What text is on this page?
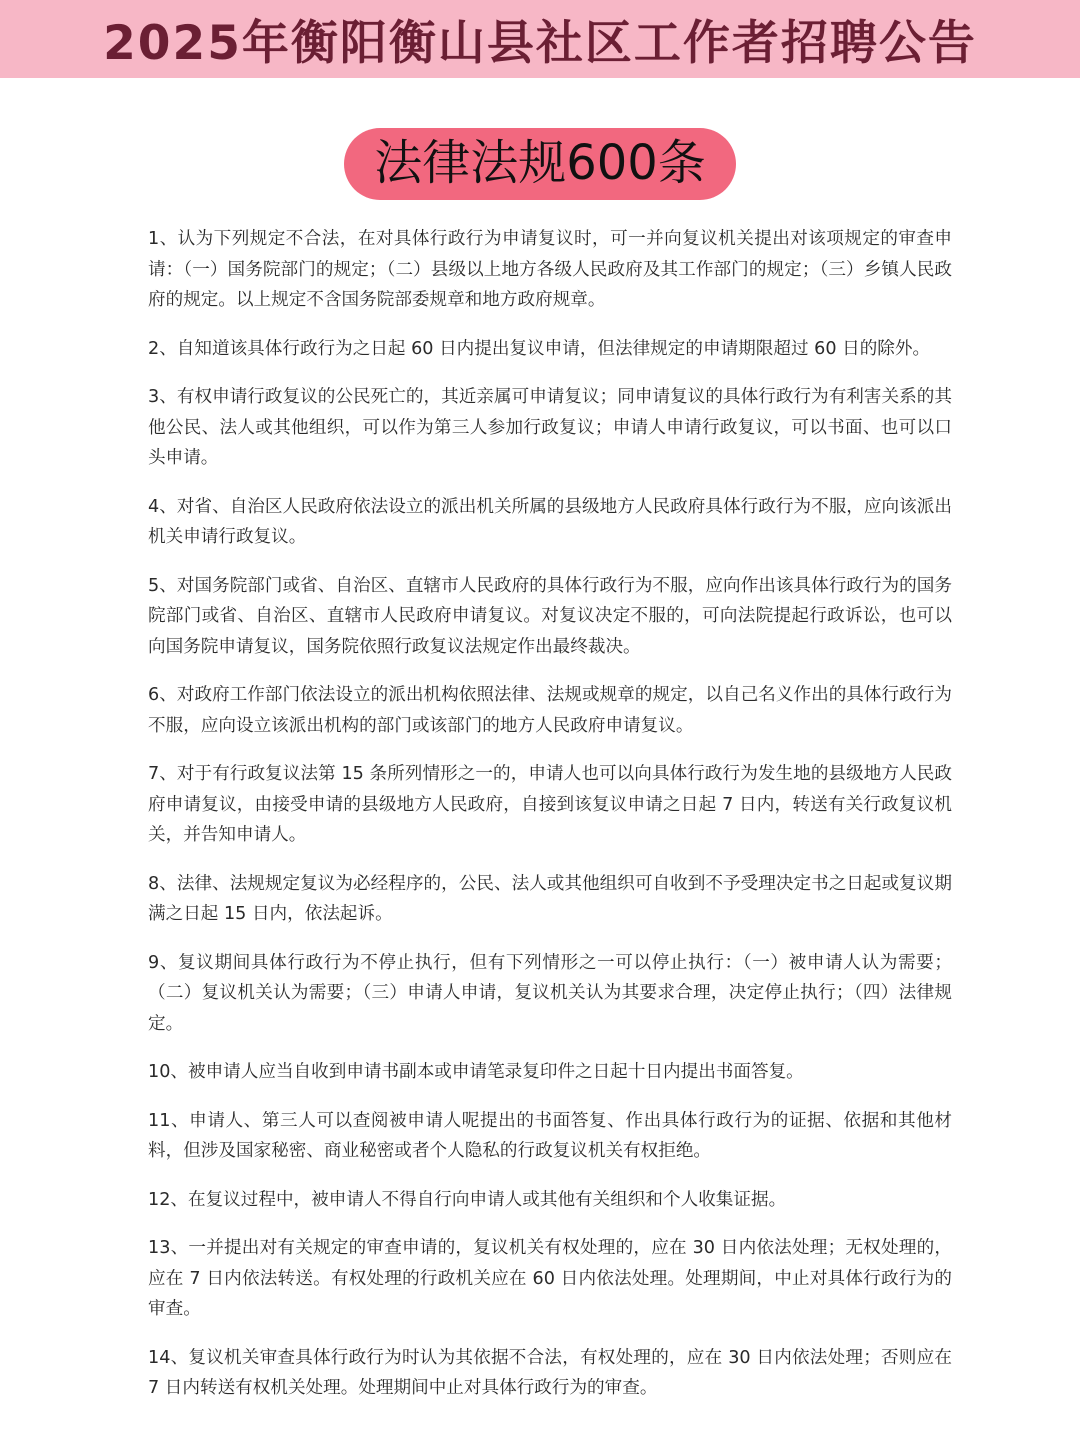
2025年衡阳衡山县社区工作者招聘公告
法律法规600条

1、认为下列规定不合法，在对具体行政行为申请复议时，可一并向复议机关提出对该项规定的审查申请：（一）国务院部门的规定；（二）县级以上地方各级人民政府及其工作部门的规定；（三）乡镇人民政府的规定。以上规定不含国务院部委规章和地方政府规章。

2、自知道该具体行政行为之日起 60 日内提出复议申请，但法律规定的申请期限超过 60 日的除外。

3、有权申请行政复议的公民死亡的，其近亲属可申请复议；同申请复议的具体行政行为有利害关系的其他公民、法人或其他组织，可以作为第三人参加行政复议；申请人申请行政复议，可以书面、也可以口头申请。

4、对省、自治区人民政府依法设立的派出机关所属的县级地方人民政府具体行政行为不服，应向该派出机关申请行政复议。

5、对国务院部门或省、自治区、直辖市人民政府的具体行政行为不服，应向作出该具体行政行为的国务院部门或省、自治区、直辖市人民政府申请复议。对复议决定不服的，可向法院提起行政诉讼，也可以向国务院申请复议，国务院依照行政复议法规定作出最终裁决。

6、对政府工作部门依法设立的派出机构依照法律、法规或规章的规定，以自己名义作出的具体行政行为不服，应向设立该派出机构的部门或该部门的地方人民政府申请复议。

7、对于有行政复议法第 15 条所列情形之一的，申请人也可以向具体行政行为发生地的县级地方人民政府申请复议，由接受申请的县级地方人民政府，自接到该复议申请之日起 7 日内，转送有关行政复议机关，并告知申请人。

8、法律、法规规定复议为必经程序的，公民、法人或其他组织可自收到不予受理决定书之日起或复议期满之日起 15 日内，依法起诉。

9、复议期间具体行政行为不停止执行，但有下列情形之一可以停止执行：（一）被申请人认为需要；（二）复议机关认为需要；（三）申请人申请，复议机关认为其要求合理，决定停止执行；（四）法律规定。

10、被申请人应当自收到申请书副本或申请笔录复印件之日起十日内提出书面答复。

11、申请人、第三人可以查阅被申请人呢提出的书面答复、作出具体行政行为的证据、依据和其他材料，但涉及国家秘密、商业秘密或者个人隐私的行政复议机关有权拒绝。

12、在复议过程中，被申请人不得自行向申请人或其他有关组织和个人收集证据。

13、一并提出对有关规定的审查申请的，复议机关有权处理的，应在 30 日内依法处理；无权处理的，应在 7 日内依法转送。有权处理的行政机关应在 60 日内依法处理。处理期间，中止对具体行政行为的审查。

14、复议机关审查具体行政行为时认为其依据不合法，有权处理的，应在 30 日内依法处理；否则应在 7 日内转送有权机关处理。处理期间中止对具体行政行为的审查。
